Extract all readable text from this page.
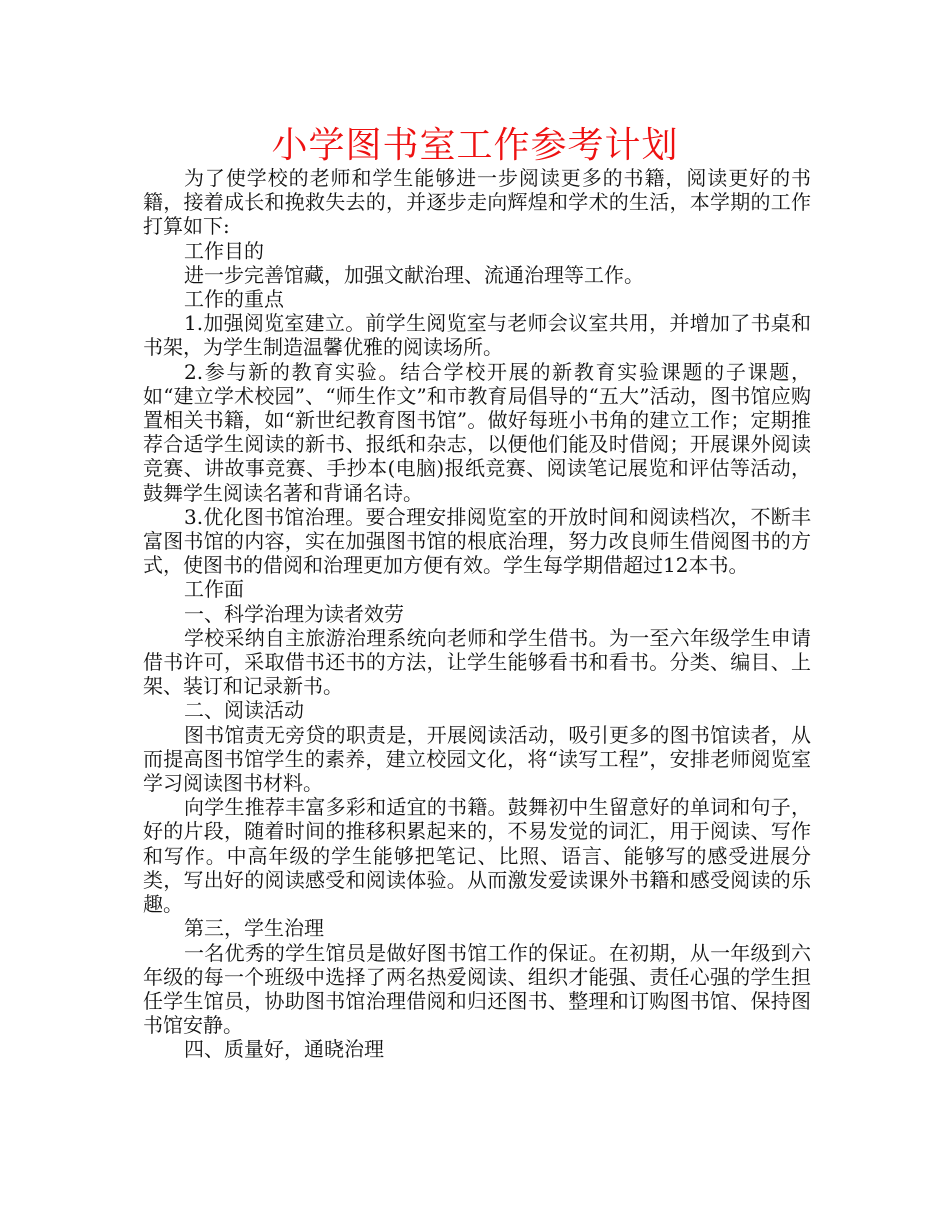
小学图书室工作参考计划

为了使学校的老师和学生能够进一步阅读更多的书籍，阅读更好的书籍，接着成长和挽救失去的，并逐步走向辉煌和学术的生活，本学期的工作打算如下:

工作目的

进一步完善馆藏，加强文献治理、流通治理等工作。

工作的重点

1.加强阅览室建立。前学生阅览室与老师会议室共用，并增加了书桌和书架，为学生制造温馨优雅的阅读场所。

2.参与新的教育实验。结合学校开展的新教育实验课题的子课题，如“建立学术校园”、“师生作文”和市教育局倡导的“五大”活动，图书馆应购置相关书籍，如“新世纪教育图书馆”。做好每班小书角的建立工作；定期推荐合适学生阅读的新书、报纸和杂志，以便他们能及时借阅；开展课外阅读竞赛、讲故事竞赛、手抄本(电脑)报纸竞赛、阅读笔记展览和评估等活动，鼓舞学生阅读名著和背诵名诗。

3.优化图书馆治理。要合理安排阅览室的开放时间和阅读档次，不断丰富图书馆的内容，实在加强图书馆的根底治理，努力改良师生借阅图书的方式，使图书的借阅和治理更加方便有效。学生每学期借超过12本书。

工作面

一、科学治理为读者效劳

学校采纳自主旅游治理系统向老师和学生借书。为一至六年级学生申请借书许可，采取借书还书的方法，让学生能够看书和看书。分类、编目、上架、装订和记录新书。

二、阅读活动

图书馆责无旁贷的职责是，开展阅读活动，吸引更多的图书馆读者，从而提高图书馆学生的素养，建立校园文化，将“读写工程”，安排老师阅览室学习阅读图书材料。

向学生推荐丰富多彩和适宜的书籍。鼓舞初中生留意好的单词和句子，好的片段，随着时间的推移积累起来的，不易发觉的词汇，用于阅读、写作和写作。中高年级的学生能够把笔记、比照、语言、能够写的感受进展分类，写出好的阅读感受和阅读体验。从而激发爱读课外书籍和感受阅读的乐趣。

第三，学生治理

一名优秀的学生馆员是做好图书馆工作的保证。在初期，从一年级到六年级的每一个班级中选择了两名热爱阅读、组织才能强、责任心强的学生担任学生馆员，协助图书馆治理借阅和归还图书、整理和订购图书馆、保持图书馆安静。

四、质量好，通晓治理
